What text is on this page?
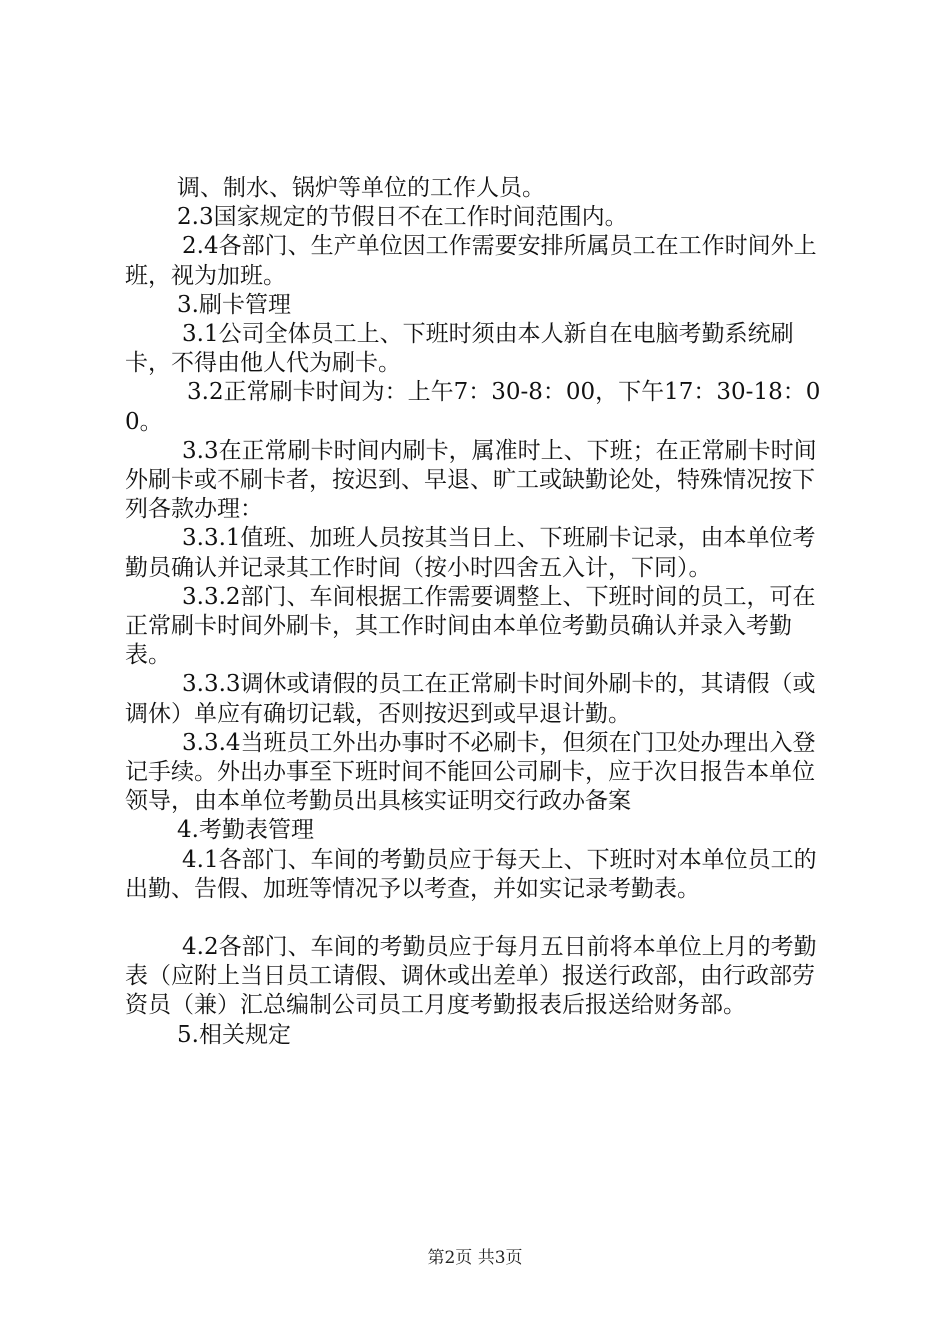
调、制水、锅炉等单位的工作人员。

2.3国家规定的节假日不在工作时间范围内。

2.4各部门、生产单位因工作需要安排所属员工在工作时间外上班，视为加班。

3.刷卡管理

3.1公司全体员工上、下班时须由本人新自在电脑考勤系统刷卡，不得由他人代为刷卡。

3.2正常刷卡时间为：上午7：30-8：00，下午17：30-18：00。

3.3在正常刷卡时间内刷卡，属准时上、下班；在正常刷卡时间外刷卡或不刷卡者，按迟到、早退、旷工或缺勤论处，特殊情况按下列各款办理：

3.3.1值班、加班人员按其当日上、下班刷卡记录，由本单位考勤员确认并记录其工作时间（按小时四舍五入计，下同）。

3.3.2部门、车间根据工作需要调整上、下班时间的员工，可在正常刷卡时间外刷卡，其工作时间由本单位考勤员确认并录入考勤表。

3.3.3调休或请假的员工在正常刷卡时间外刷卡的，其请假（或调休）单应有确切记载，否则按迟到或早退计勤。

3.3.4当班员工外出办事时不必刷卡，但须在门卫处办理出入登记手续。外出办事至下班时间不能回公司刷卡，应于次日报告本单位领导，由本单位考勤员出具核实证明交行政办备案

4.考勤表管理

4.1各部门、车间的考勤员应于每天上、下班时对本单位员工的出勤、告假、加班等情况予以考查，并如实记录考勤表。

4.2各部门、车间的考勤员应于每月五日前将本单位上月的考勤表（应附上当日员工请假、调休或出差单）报送行政部，由行政部劳资员（兼）汇总编制公司员工月度考勤报表后报送给财务部。

5.相关规定

第2页 共3页
